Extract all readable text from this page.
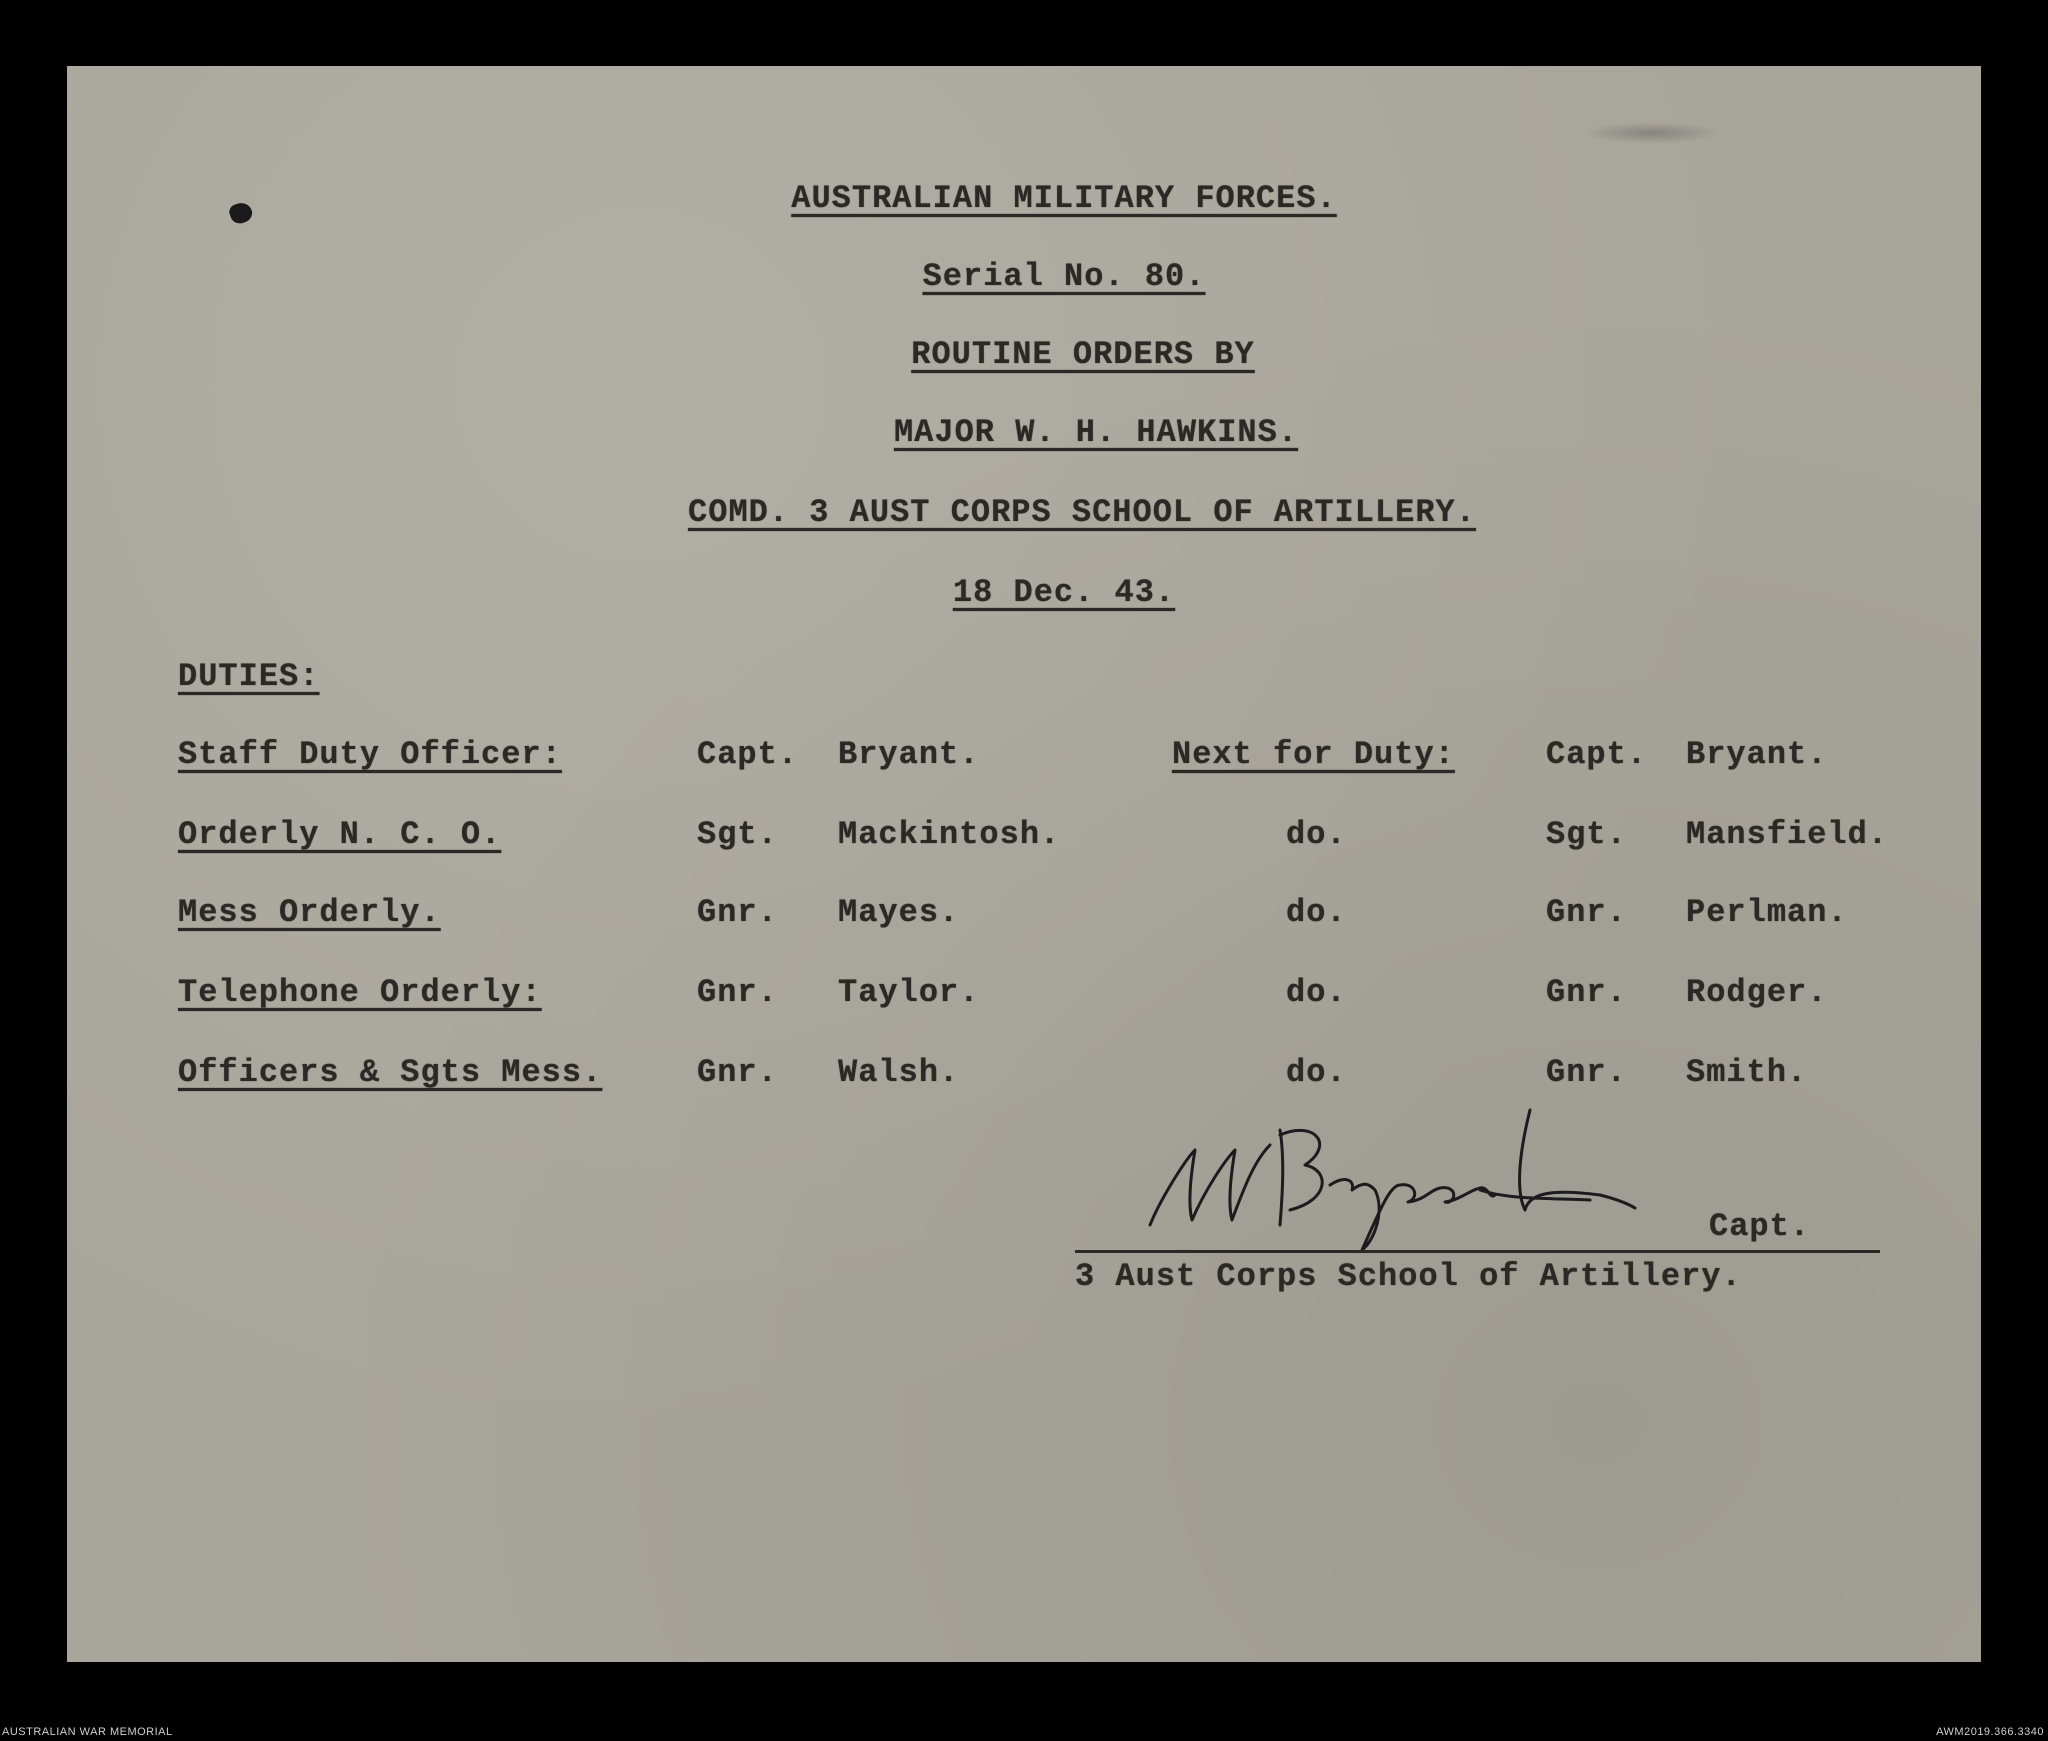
AUSTRALIAN MILITARY FORCES.
Serial No. 80.
ROUTINE ORDERS BY
MAJOR W. H. HAWKINS.
COMD. 3 AUST CORPS SCHOOL OF ARTILLERY.
18 Dec. 43.
DUTIES:
Staff Duty Officer:	Capt. Bryant.	Next for Duty:	Capt. Bryant.
Orderly N. C. O.	Sgt. Mackintosh.	do.	Sgt. Mansfield.
Mess Orderly.	Gnr. Mayes.	do.	Gnr. Perlman.
Telephone Orderly:	Gnr. Taylor.	do.	Gnr. Rodger.
Officers & Sgts Mess.	Gnr. Walsh.	do.	Gnr. Smith.
Capt.
3 Aust Corps School of Artillery.
AUSTRALIAN WAR MEMORIAL	AWM2019.366.3340
